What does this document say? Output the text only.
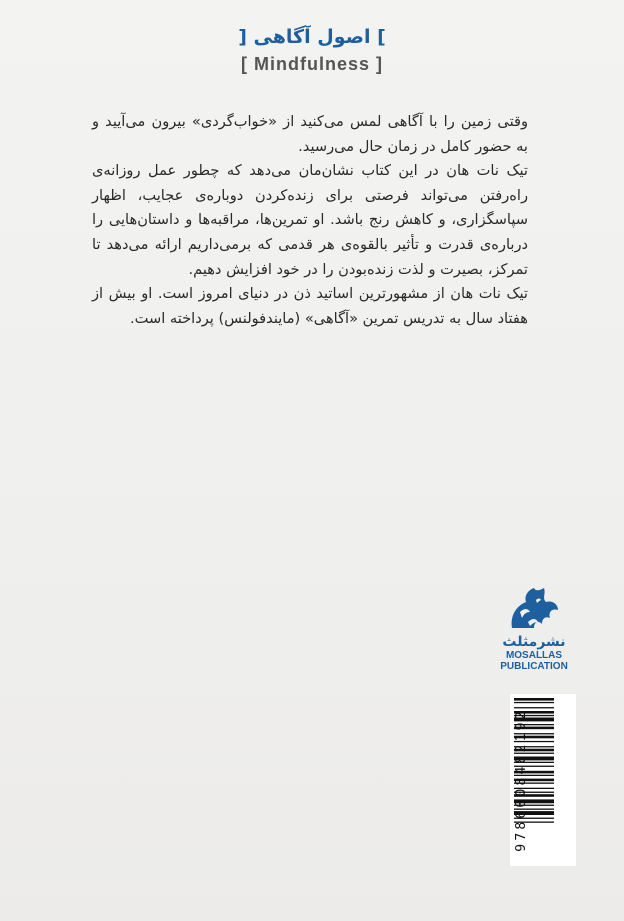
] اصول آگاهی [
[ Mindfulness ]

وقتی زمین را با آگاهی لمس می‌کنید از «خواب‌گردی» بیرون می‌آیید و به حضور کامل در زمان حال می‌رسید.

تیک نات هان در این کتاب نشان‌مان می‌دهد که چطور عمل روزانه‌ی راه‌رفتن می‌تواند فرصتی برای زنده‌کردن دوباره‌ی عجایب، اظهار سپاسگزاری، و کاهش رنج باشد. او تمرین‌ها، مراقبه‌ها و داستان‌هایی را درباره‌ی قدرت و تأثیر بالقوه‌ی هر قدمی که برمی‌داریم ارائه می‌دهد تا تمرکز، بصیرت و لذت زنده‌بودن را در خود افزایش دهیم.

تیک نات هان از مشهورترین اساتید ذن در دنیای امروز است. او بیش از هفتاد سال به تدریس تمرین «آگاهی» (مایندفولنس) پرداخته است.

نشرمثلث
MOSALLAS
PUBLICATION
9786008482192
